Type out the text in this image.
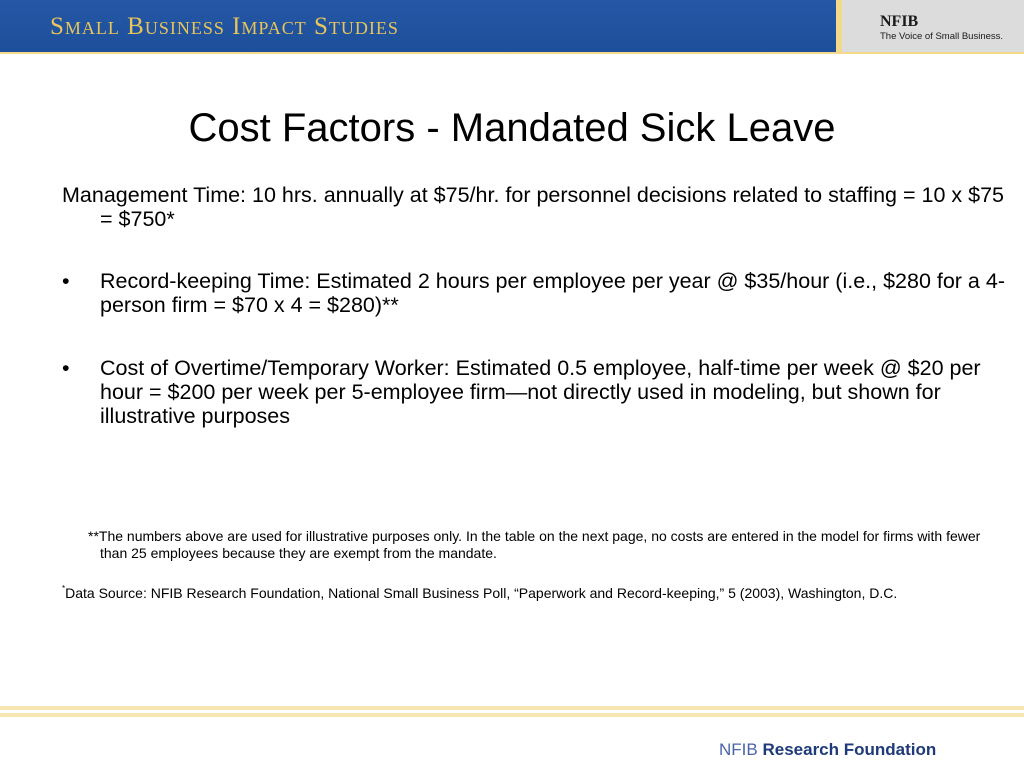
Small Business Impact Studies	NFIB
The Voice of Small Business.
Cost Factors - Mandated Sick Leave
Management Time: 10 hrs. annually at $75/hr. for personnel decisions related to staffing = 10 x $75 = $750*
• Record-keeping Time: Estimated 2 hours per employee per year @ $35/hour (i.e., $280 for a 4-person firm = $70 x 4 = $280)**
• Cost of Overtime/Temporary Worker: Estimated 0.5 employee, half-time per week @ $20 per hour = $200 per week per 5-employee firm—not directly used in modeling, but shown for illustrative purposes
**The numbers above are used for illustrative purposes only. In the table on the next page, no costs are entered in the model for firms with fewer than 25 employees because they are exempt from the mandate.
*Data Source: NFIB Research Foundation, National Small Business Poll, “Paperwork and Record-keeping,” 5 (2003), Washington, D.C.
NFIB Research Foundation
